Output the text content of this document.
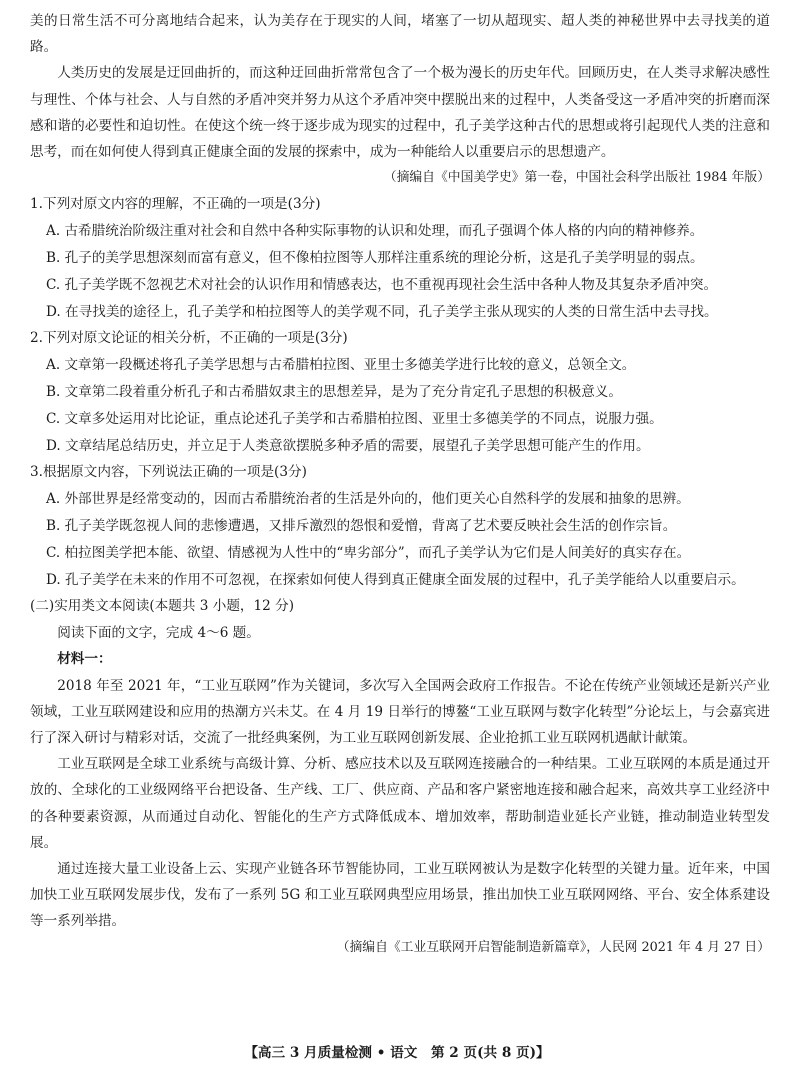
美的日常生活不可分离地结合起来，认为美存在于现实的人间，堵塞了一切从超现实、超人类的神秘世界中去寻找美的道路。

人类历史的发展是迂回曲折的，而这种迂回曲折常常包含了一个极为漫长的历史年代。回顾历史，在人类寻求解决感性与理性、个体与社会、人与自然的矛盾冲突并努力从这个矛盾冲突中摆脱出来的过程中，人类备受这一矛盾冲突的折磨而深感和谐的必要性和迫切性。在使这个统一终于逐步成为现实的过程中，孔子美学这种古代的思想或将引起现代人类的注意和思考，而在如何使人得到真正健康全面的发展的探索中，成为一种能给人以重要启示的思想遗产。

（摘编自《中国美学史》第一卷，中国社会科学出版社 1984 年版）

1.下列对原文内容的理解，不正确的一项是(3分)

A. 古希腊统治阶级注重对社会和自然中各种实际事物的认识和处理，而孔子强调个体人格的内向的精神修养。

B. 孔子的美学思想深刻而富有意义，但不像柏拉图等人那样注重系统的理论分析，这是孔子美学明显的弱点。

C. 孔子美学既不忽视艺术对社会的认识作用和情感表达，也不重视再现社会生活中各种人物及其复杂矛盾冲突。

D. 在寻找美的途径上，孔子美学和柏拉图等人的美学观不同，孔子美学主张从现实的人类的日常生活中去寻找。

2.下列对原文论证的相关分析，不正确的一项是(3分)

A. 文章第一段概述将孔子美学思想与古希腊柏拉图、亚里士多德美学进行比较的意义，总领全文。

B. 文章第二段着重分析孔子和古希腊奴隶主的思想差异，是为了充分肯定孔子思想的积极意义。

C. 文章多处运用对比论证，重点论述孔子美学和古希腊柏拉图、亚里士多德美学的不同点，说服力强。

D. 文章结尾总结历史，并立足于人类意欲摆脱多种矛盾的需要，展望孔子美学思想可能产生的作用。

3.根据原文内容，下列说法正确的一项是(3分)

A. 外部世界是经常变动的，因而古希腊统治者的生活是外向的，他们更关心自然科学的发展和抽象的思辨。

B. 孔子美学既忽视人间的悲惨遭遇，又排斥激烈的怨恨和爱憎，背离了艺术要反映社会生活的创作宗旨。

C. 柏拉图美学把本能、欲望、情感视为人性中的“卑劣部分”，而孔子美学认为它们是人间美好的真实存在。

D. 孔子美学在未来的作用不可忽视，在探索如何使人得到真正健康全面发展的过程中，孔子美学能给人以重要启示。

(二)实用类文本阅读(本题共 3 小题，12 分)

阅读下面的文字，完成 4～6 题。

材料一：

2018 年至 2021 年，“工业互联网”作为关键词，多次写入全国两会政府工作报告。不论在传统产业领域还是新兴产业领域，工业互联网建设和应用的热潮方兴未艾。在 4 月 19 日举行的博鳌“工业互联网与数字化转型”分论坛上，与会嘉宾进行了深入研讨与精彩对话，交流了一批经典案例，为工业互联网创新发展、企业抢抓工业互联网机遇献计献策。

工业互联网是全球工业系统与高级计算、分析、感应技术以及互联网连接融合的一种结果。工业互联网的本质是通过开放的、全球化的工业级网络平台把设备、生产线、工厂、供应商、产品和客户紧密地连接和融合起来，高效共享工业经济中的各种要素资源，从而通过自动化、智能化的生产方式降低成本、增加效率，帮助制造业延长产业链，推动制造业转型发展。

通过连接大量工业设备上云、实现产业链各环节智能协同，工业互联网被认为是数字化转型的关键力量。近年来，中国加快工业互联网发展步伐，发布了一系列 5G 和工业互联网典型应用场景，推出加快工业互联网网络、平台、安全体系建设等一系列举措。

（摘编自《工业互联网开启智能制造新篇章》，人民网 2021 年 4 月 27 日）

【高三 3 月质量检测 • 语文　第 2 页(共 8 页)】
